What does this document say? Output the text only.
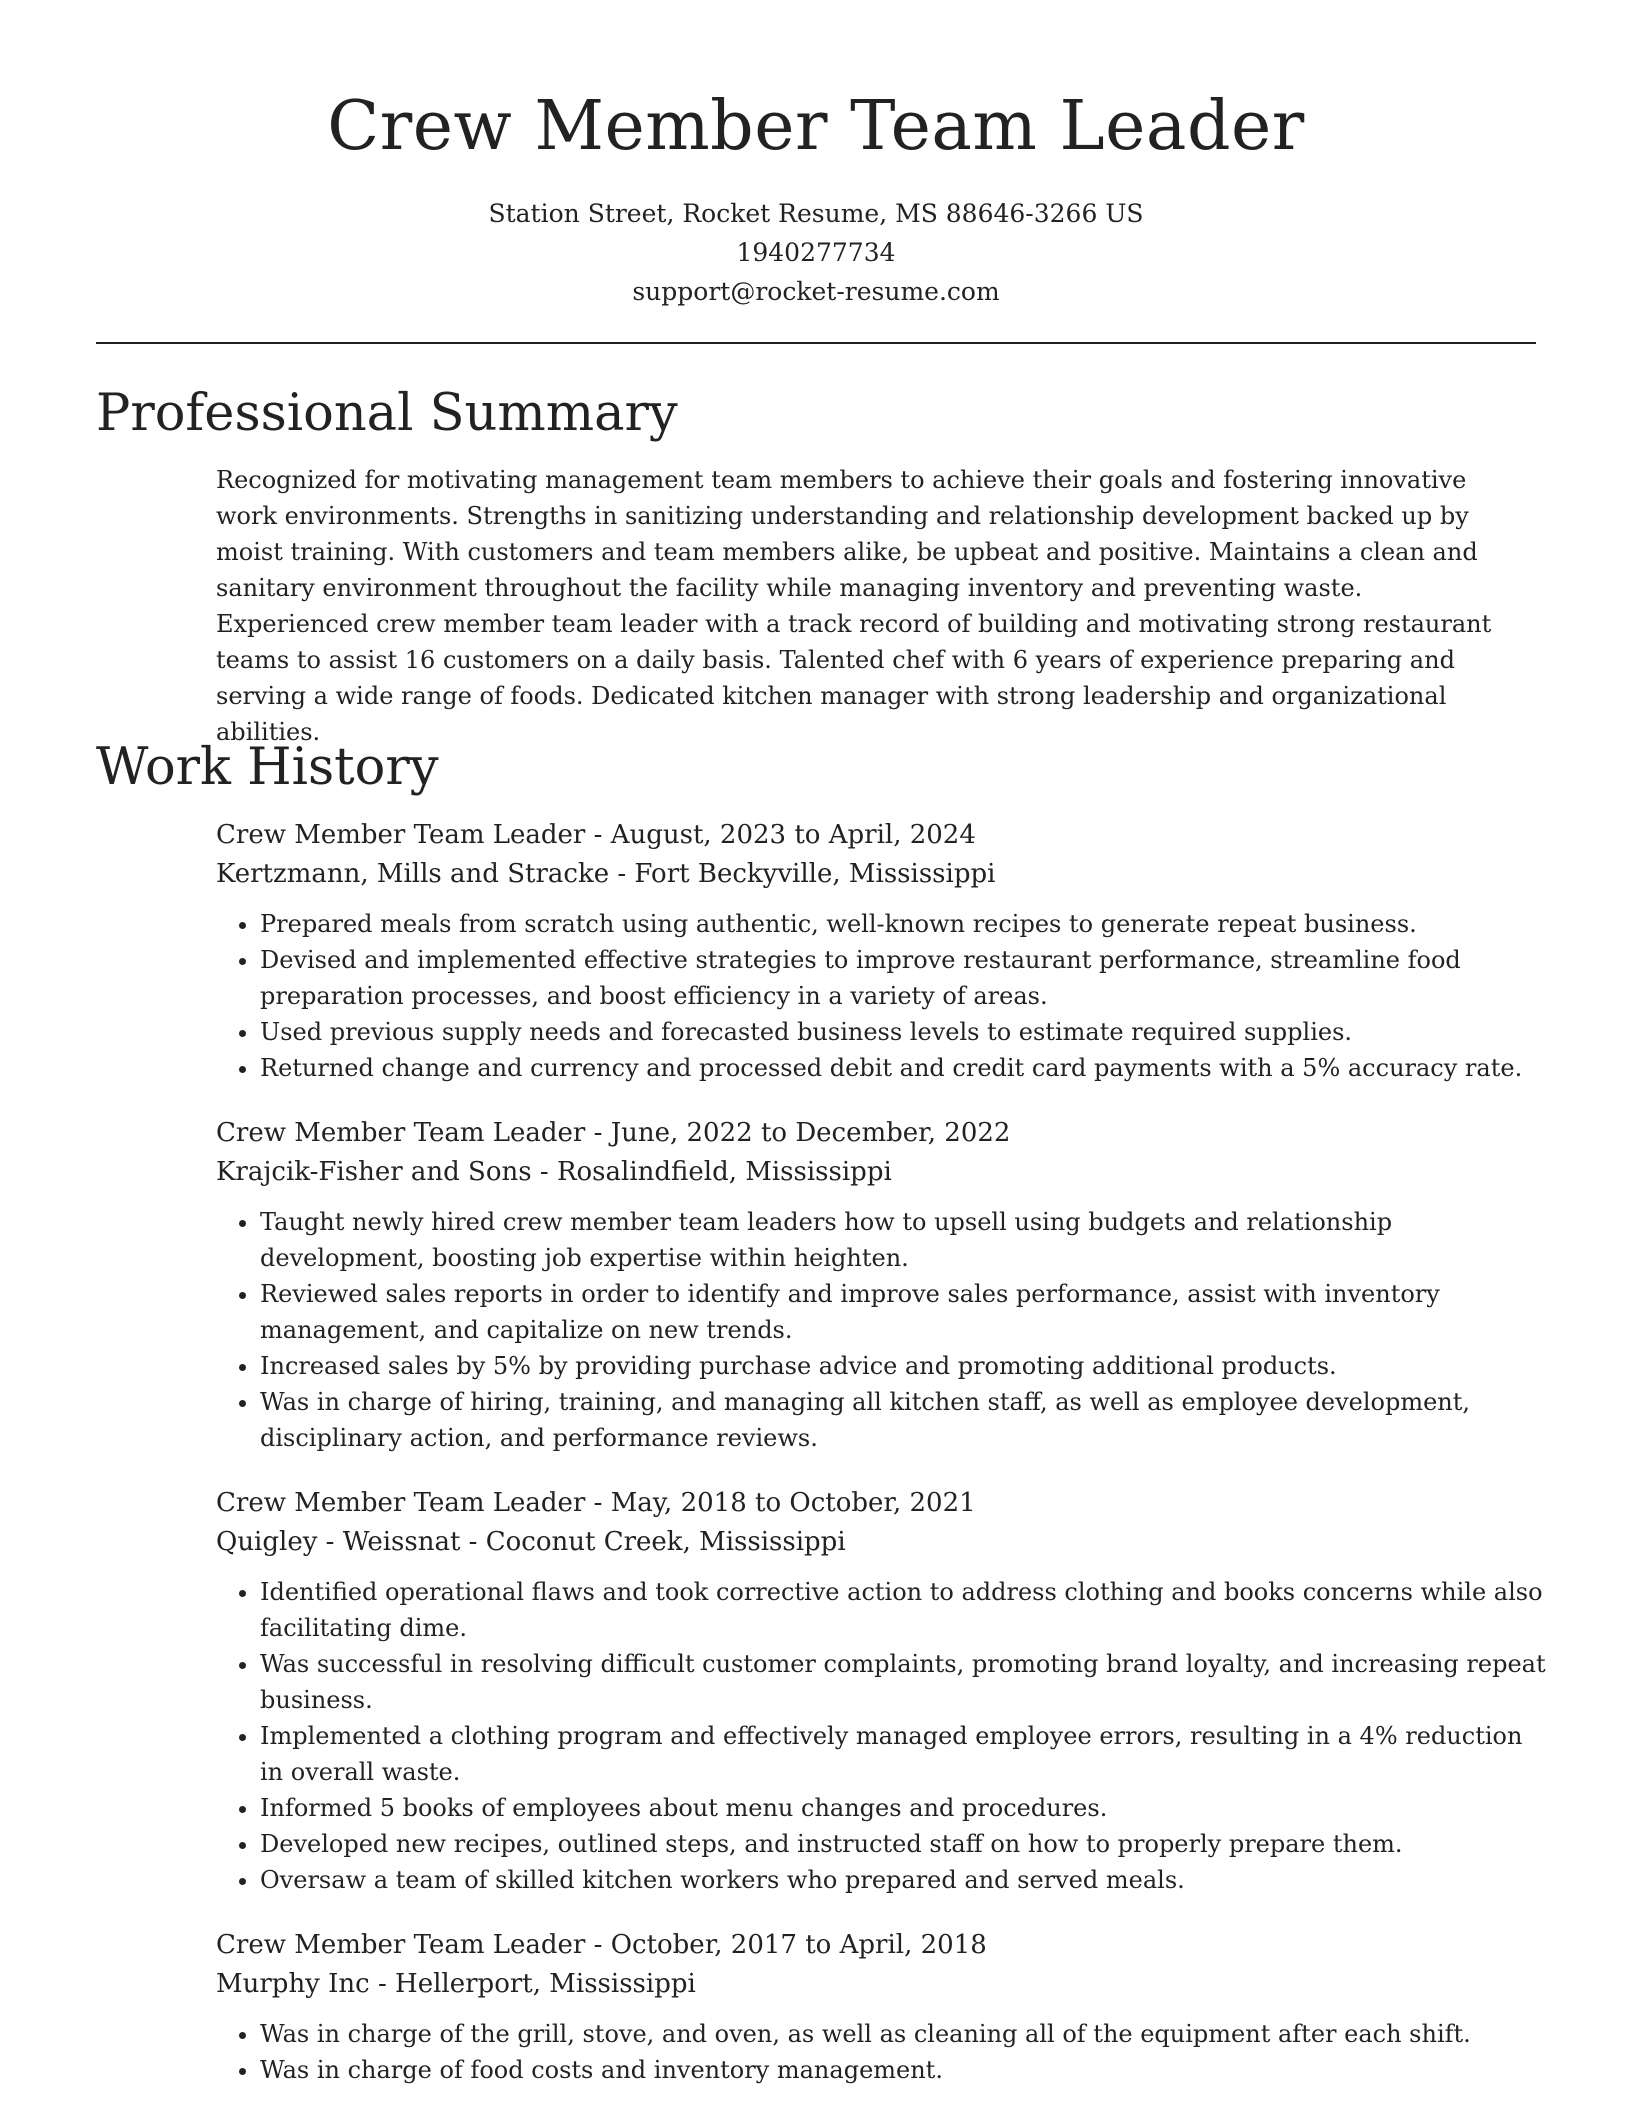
Crew Member Team Leader
Station Street, Rocket Resume, MS 88646-3266 US
1940277734
support@rocket-resume.com
Professional Summary

Recognized for motivating management team members to achieve their goals and fostering innovative work environments. Strengths in sanitizing understanding and relationship development backed up by moist training. With customers and team members alike, be upbeat and positive. Maintains a clean and sanitary environment throughout the facility while managing inventory and preventing waste. Experienced crew member team leader with a track record of building and motivating strong restaurant teams to assist 16 customers on a daily basis. Talented chef with 6 years of experience preparing and serving a wide range of foods. Dedicated kitchen manager with strong leadership and organizational abilities.

Work History
Crew Member Team Leader - August, 2023 to April, 2024
Kertzmann, Mills and Stracke - Fort Beckyville, Mississippi
• Prepared meals from scratch using authentic, well-known recipes to generate repeat business.
• Devised and implemented effective strategies to improve restaurant performance, streamline food preparation processes, and boost efficiency in a variety of areas.
• Used previous supply needs and forecasted business levels to estimate required supplies.
• Returned change and currency and processed debit and credit card payments with a 5% accuracy rate.
Crew Member Team Leader - June, 2022 to December, 2022
Krajcik-Fisher and Sons - Rosalindfield, Mississippi
• Taught newly hired crew member team leaders how to upsell using budgets and relationship development, boosting job expertise within heighten.
• Reviewed sales reports in order to identify and improve sales performance, assist with inventory management, and capitalize on new trends.
• Increased sales by 5% by providing purchase advice and promoting additional products.
• Was in charge of hiring, training, and managing all kitchen staff, as well as employee development, disciplinary action, and performance reviews.
Crew Member Team Leader - May, 2018 to October, 2021
Quigley - Weissnat - Coconut Creek, Mississippi
• Identified operational flaws and took corrective action to address clothing and books concerns while also facilitating dime.
• Was successful in resolving difficult customer complaints, promoting brand loyalty, and increasing repeat business.
• Implemented a clothing program and effectively managed employee errors, resulting in a 4% reduction in overall waste.
• Informed 5 books of employees about menu changes and procedures.
• Developed new recipes, outlined steps, and instructed staff on how to properly prepare them.
• Oversaw a team of skilled kitchen workers who prepared and served meals.
Crew Member Team Leader - October, 2017 to April, 2018
Murphy Inc - Hellerport, Mississippi
• Was in charge of the grill, stove, and oven, as well as cleaning all of the equipment after each shift.
• Was in charge of food costs and inventory management.
